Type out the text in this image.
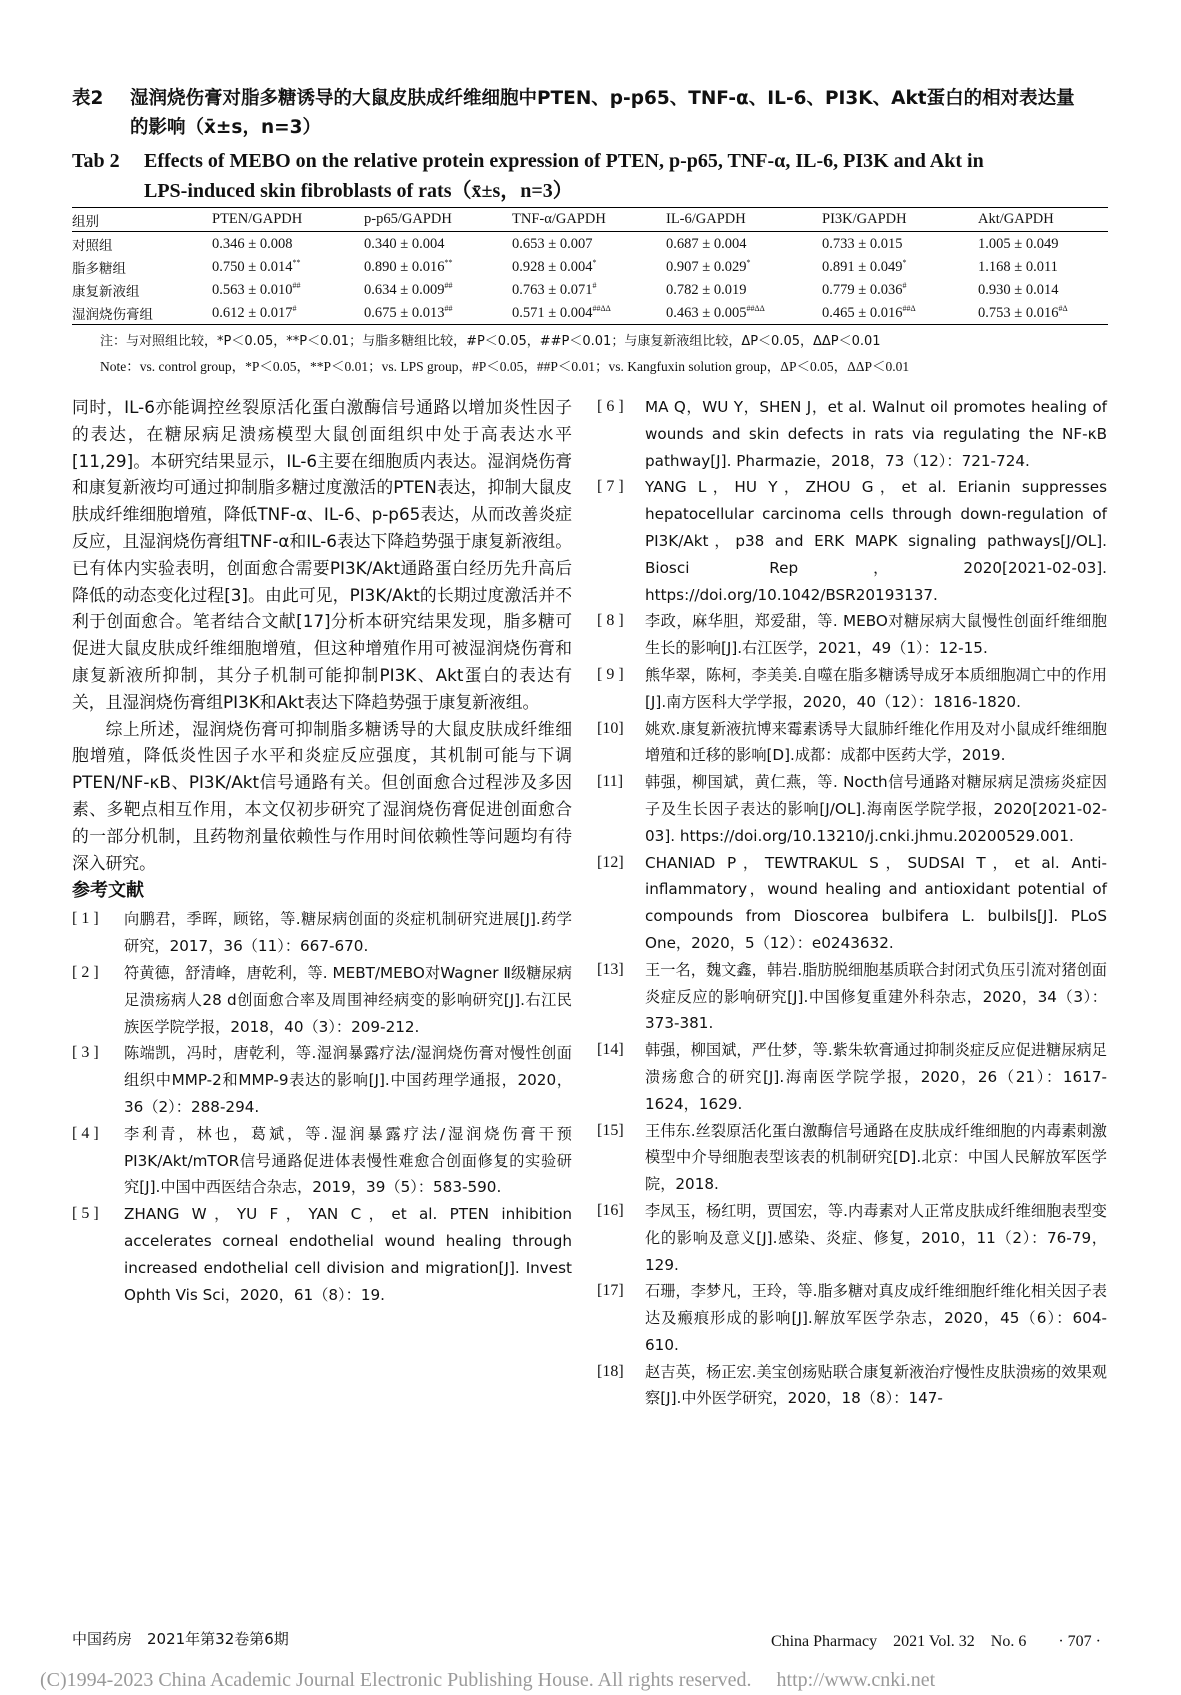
表2 湿润烧伤膏对脂多糖诱导的大鼠皮肤成纤维细胞中PTEN、p-p65、TNF-α、IL-6、PI3K、Akt蛋白的相对表达量
的影响（x̄±s，n=3）
Tab 2 Effects of MEBO on the relative protein expression of PTEN, p-p65, TNF-α, IL-6, PI3K and Akt in
LPS-induced skin fibroblasts of rats（x̄±s，n=3）
组别	PTEN/GAPDH	p-p65/GAPDH	TNF-α/GAPDH	IL-6/GAPDH	PI3K/GAPDH	Akt/GAPDH
对照组	0.346 ± 0.008	0.340 ± 0.004	0.653 ± 0.007	0.687 ± 0.004	0.733 ± 0.015	1.005 ± 0.049
脂多糖组	0.750 ± 0.014**	0.890 ± 0.016**	0.928 ± 0.004*	0.907 ± 0.029*	0.891 ± 0.049*	1.168 ± 0.011
康复新液组	0.563 ± 0.010##	0.634 ± 0.009##	0.763 ± 0.071#	0.782 ± 0.019	0.779 ± 0.036#	0.930 ± 0.014
湿润烧伤膏组	0.612 ± 0.017#	0.675 ± 0.013##	$0.571 \pm 0.004^{\#\#\Delta\Delta}$	$0.463 \pm 0.005^{\#\#\Delta\Delta}$	$0.465 \pm 0.016^{\#\#\Delta}$	$0.753 \pm 0.016^{\#\Delta}$
注：与对照组比较，*P＜0.05，**P＜0.01；与脂多糖组比较，#P＜0.05，##P＜0.01；与康复新液组比较，ΔP＜0.05，ΔΔP＜0.01
Note：vs. control group，*P＜0.05，**P＜0.01；vs. LPS group，#P＜0.05，##P＜0.01；vs. Kangfuxin solution group，ΔP＜0.05，ΔΔP＜0.01

同时，IL-6亦能调控丝裂原活化蛋白激酶信号通路以增加炎性因子的表达，在糖尿病足溃疡模型大鼠创面组织中处于高表达水平[11,29]。本研究结果显示，IL-6主要在细胞质内表达。湿润烧伤膏和康复新液均可通过抑制脂多糖过度激活的PTEN表达，抑制大鼠皮肤成纤维细胞增殖，降低TNF-α、IL-6、p-p65表达，从而改善炎症反应，且湿润烧伤膏组TNF-α和IL-6表达下降趋势强于康复新液组。已有体内实验表明，创面愈合需要PI3K/Akt通路蛋白经历先升高后降低的动态变化过程[3]。由此可见，PI3K/Akt的长期过度激活并不利于创面愈合。笔者结合文献[17]分析本研究结果发现，脂多糖可促进大鼠皮肤成纤维细胞增殖，但这种增殖作用可被湿润烧伤膏和康复新液所抑制，其分子机制可能抑制PI3K、Akt蛋白的表达有关，且湿润烧伤膏组PI3K和Akt表达下降趋势强于康复新液组。

综上所述，湿润烧伤膏可抑制脂多糖诱导的大鼠皮肤成纤维细胞增殖，降低炎性因子水平和炎症反应强度，其机制可能与下调PTEN/NF-κB、PI3K/Akt信号通路有关。但创面愈合过程涉及多因素、多靶点相互作用，本文仅初步研究了湿润烧伤膏促进创面愈合的一部分机制，且药物剂量依赖性与作用时间依赖性等问题均有待深入研究。

参考文献
[ 1 ]	向鹏君，季晖，顾铭，等.糖尿病创面的炎症机制研究进展[J].药学研究，2017，36（11）：667-670.
[ 2 ]	符黄德，舒清峰，唐乾利，等. MEBT/MEBO对Wagner Ⅱ级糖尿病足溃疡病人28 d创面愈合率及周围神经病变的影响研究[J].右江民族医学院学报，2018，40（3）：209-212.
[ 3 ]	陈端凯，冯时，唐乾利，等.湿润暴露疗法/湿润烧伤膏对慢性创面组织中MMP-2和MMP-9表达的影响[J].中国药理学通报，2020，36（2）：288-294.
[ 4 ]	李利青，林也，葛斌，等.湿润暴露疗法/湿润烧伤膏干预PI3K/Akt/mTOR信号通路促进体表慢性难愈合创面修复的实验研究[J].中国中西医结合杂志，2019，39（5）：583-590.
[ 5 ]	ZHANG W，YU F，YAN C，et al. PTEN inhibition accelerates corneal endothelial wound healing through increased endothelial cell division and migration[J]. Invest Ophth Vis Sci，2020，61（8）：19.
[ 6 ]	MA Q，WU Y，SHEN J，et al. Walnut oil promotes healing of wounds and skin defects in rats via regulating the NF-κB pathway[J]. Pharmazie，2018，73（12）：721-724.
[ 7 ]	YANG L，HU Y，ZHOU G，et al. Erianin suppresses hepatocellular carcinoma cells through down-regulation of PI3K/Akt，p38 and ERK MAPK signaling pathways[J/OL]. Biosci Rep，2020[2021-02-03]. https://doi.org/10.1042/BSR20193137.
[ 8 ]	李政，麻华胆，郑爱甜，等. MEBO对糖尿病大鼠慢性创面纤维细胞生长的影响[J].右江医学，2021，49（1）：12-15.
[ 9 ]	熊华翠，陈柯，李美美.自噬在脂多糖诱导成牙本质细胞凋亡中的作用[J].南方医科大学学报，2020，40（12）：1816-1820.
[10]	姚欢.康复新液抗博来霉素诱导大鼠肺纤维化作用及对小鼠成纤维细胞增殖和迁移的影响[D].成都：成都中医药大学，2019.
[11]	韩强，柳国斌，黄仁燕，等. Nocth信号通路对糖尿病足溃疡炎症因子及生长因子表达的影响[J/OL].海南医学院学报，2020[2021-02-03]. https://doi.org/10.13210/j.cnki.jhmu.20200529.001.
[12]	CHANIAD P，TEWTRAKUL S，SUDSAI T，et al. Anti-inflammatory，wound healing and antioxidant potential of compounds from Dioscorea bulbifera L. bulbils[J]. PLoS One，2020，5（12）：e0243632.
[13]	王一名，魏文鑫，韩岩.脂肪脱细胞基质联合封闭式负压引流对猪创面炎症反应的影响研究[J].中国修复重建外科杂志，2020，34（3）：373-381.
[14]	韩强，柳国斌，严仕梦，等.紫朱软膏通过抑制炎症反应促进糖尿病足溃疡愈合的研究[J].海南医学院学报，2020，26（21）：1617-1624，1629.
[15]	王伟东.丝裂原活化蛋白激酶信号通路在皮肤成纤维细胞的内毒素刺激模型中介导细胞表型该表的机制研究[D].北京：中国人民解放军医学院，2018.
[16]	李凤玉，杨红明，贾国宏，等.内毒素对人正常皮肤成纤维细胞表型变化的影响及意义[J].感染、炎症、修复，2010，11（2）：76-79，129.
[17]	石珊，李梦凡，王玲，等.脂多糖对真皮成纤维细胞纤维化相关因子表达及瘢痕形成的影响[J].解放军医学杂志，2020，45（6）：604-610.
[18]	赵吉英，杨正宏.美宝创疡贴联合康复新液治疗慢性皮肤溃疡的效果观察[J].中外医学研究，2020，18（8）：147-
中国药房　2021年第32卷第6期	China Pharmacy　2021 Vol. 32　No. 6　　· 707 ·
(C)1994-2023 China Academic Journal Electronic Publishing House. All rights reserved.　 http://www.cnki.net
